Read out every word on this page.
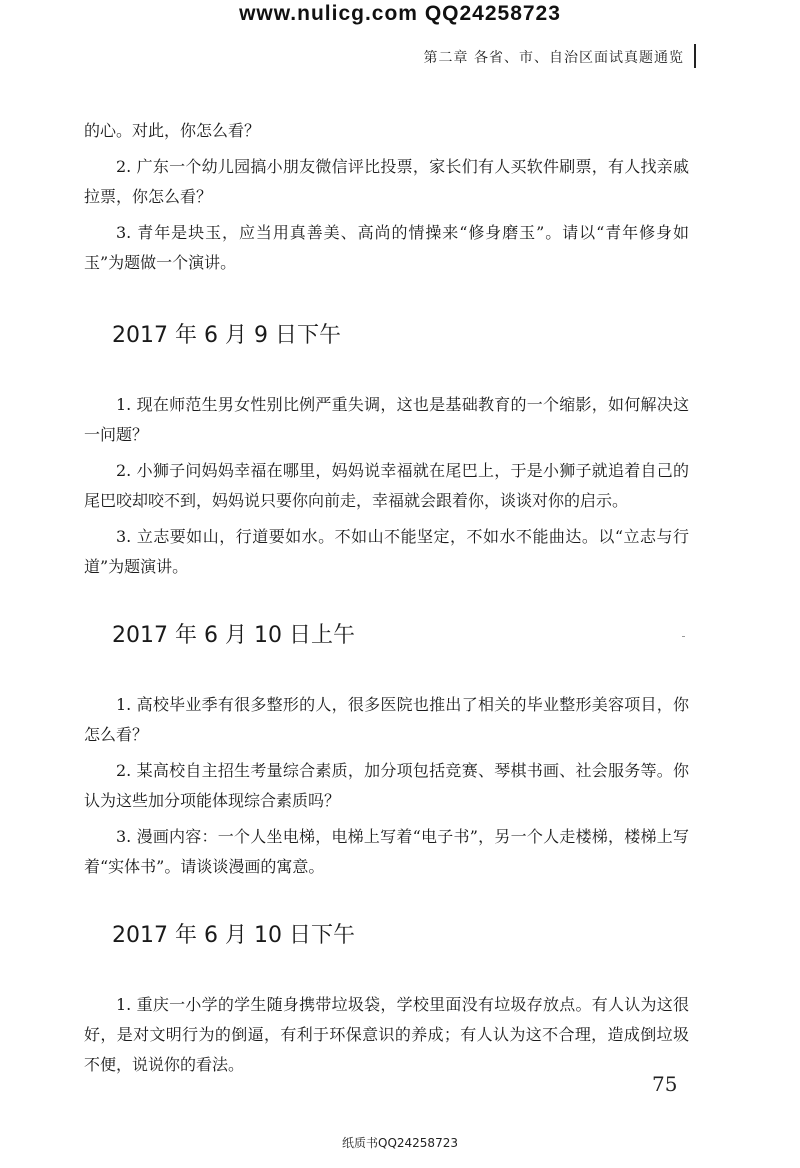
www.nulicg.com QQ24258723
第二章 各省、市、自治区面试真题通览

的心。对此，你怎么看？

2. 广东一个幼儿园搞小朋友微信评比投票，家长们有人买软件刷票，有人找亲戚拉票，你怎么看？

3. 青年是块玉，应当用真善美、高尚的情操来“修身磨玉”。请以“青年修身如玉”为题做一个演讲。

2017 年 6 月 9 日下午

1. 现在师范生男女性别比例严重失调，这也是基础教育的一个缩影，如何解决这一问题？

2. 小狮子问妈妈幸福在哪里，妈妈说幸福就在尾巴上，于是小狮子就追着自己的尾巴咬却咬不到，妈妈说只要你向前走，幸福就会跟着你，谈谈对你的启示。

3. 立志要如山，行道要如水。不如山不能坚定，不如水不能曲达。以“立志与行道”为题演讲。

2017 年 6 月 10 日上午

1. 高校毕业季有很多整形的人，很多医院也推出了相关的毕业整形美容项目，你怎么看？

2. 某高校自主招生考量综合素质，加分项包括竞赛、琴棋书画、社会服务等。你认为这些加分项能体现综合素质吗？

3. 漫画内容：一个人坐电梯，电梯上写着“电子书”，另一个人走楼梯，楼梯上写着“实体书”。请谈谈漫画的寓意。

2017 年 6 月 10 日下午

1. 重庆一小学的学生随身携带垃圾袋，学校里面没有垃圾存放点。有人认为这很好，是对文明行为的倒逼，有利于环保意识的养成；有人认为这不合理，造成倒垃圾不便，说说你的看法。

75
纸质书QQ24258723
